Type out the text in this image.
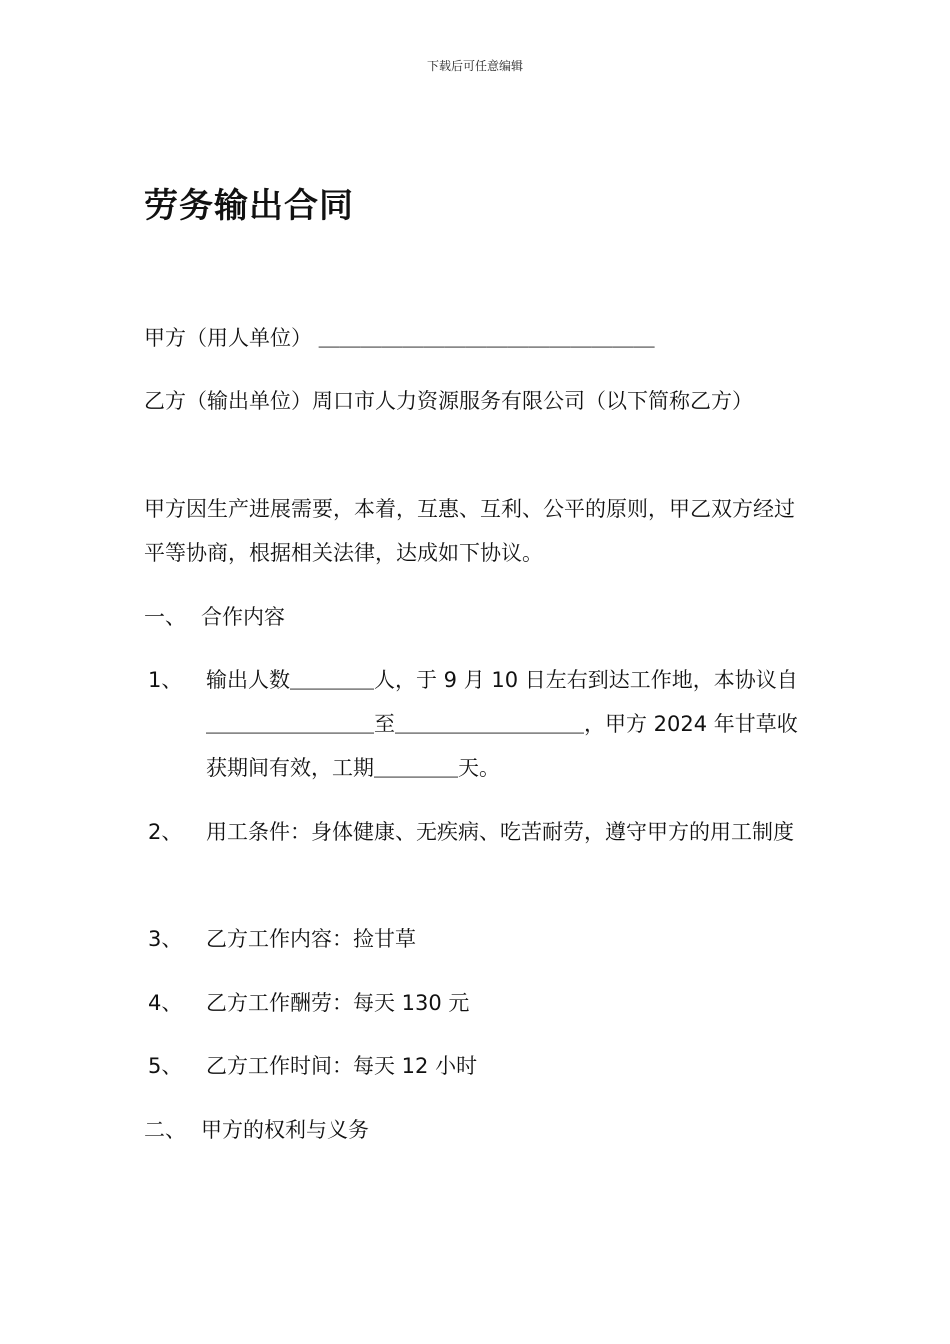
下载后可任意编辑
劳务输出合同
甲方（用人单位） ＿＿＿＿＿＿＿＿＿＿＿＿＿＿＿＿
乙方（输出单位）周口市人力资源服务有限公司（以下简称乙方）
甲方因生产进展需要，本着，互惠、互利、公平的原则，甲乙双方经过平等协商，根据相关法律，达成如下协议。
一、 合作内容
1、	输出人数＿＿＿＿人，于 9 月 10 日左右到达工作地，本协议自＿＿＿＿＿＿＿＿至＿＿＿＿＿＿＿＿＿，甲方 2024 年甘草收获期间有效，工期＿＿＿＿天。
2、	用工条件：身体健康、无疾病、吃苦耐劳，遵守甲方的用工制度
3、	乙方工作内容：捡甘草
4、	乙方工作酬劳：每天 130 元
5、	乙方工作时间：每天 12 小时
二、 甲方的权利与义务
